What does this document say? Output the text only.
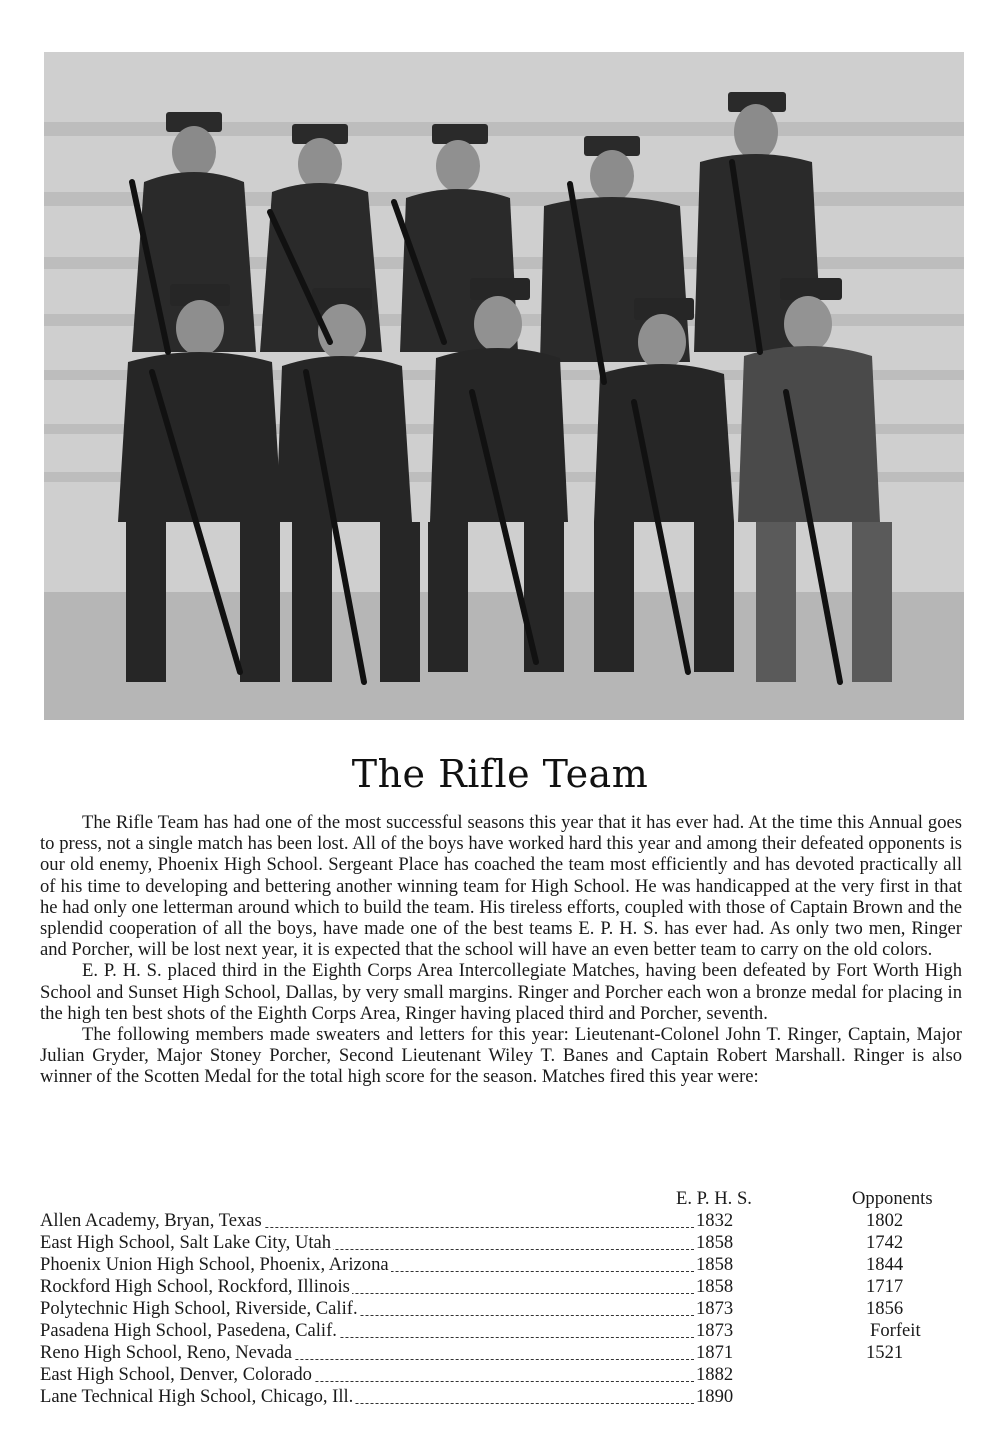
The Rifle Team

The Rifle Team has had one of the most successful seasons this year that it has ever had. At the time this Annual goes to press, not a single match has been lost. All of the boys have worked hard this year and among their defeated opponents is our old enemy, Phoenix High School. Sergeant Place has coached the team most efficiently and has devoted practically all of his time to developing and bettering another winning team for High School. He was handicapped at the very first in that he had only one letterman around which to build the team. His tireless efforts, coupled with those of Captain Brown and the splendid cooperation of all the boys, have made one of the best teams E. P. H. S. has ever had. As only two men, Ringer and Porcher, will be lost next year, it is expected that the school will have an even better team to carry on the old colors.

E. P. H. S. placed third in the Eighth Corps Area Intercollegiate Matches, having been defeated by Fort Worth High School and Sunset High School, Dallas, by very small margins. Ringer and Porcher each won a bronze medal for placing in the high ten best shots of the Eighth Corps Area, Ringer having placed third and Porcher, seventh.

The following members made sweaters and letters for this year: Lieutenant-Colonel John T. Ringer, Captain, Major Julian Gryder, Major Stoney Porcher, Second Lieutenant Wiley T. Banes and Captain Robert Marshall. Ringer is also winner of the Scotten Medal for the total high score for the season. Matches fired this year were:

E. P. H. S.	Opponents
Allen Academy, Bryan, Texas	1832	1802
East High School, Salt Lake City, Utah	1858	1742
Phoenix Union High School, Phoenix, Arizona	1858	1844
Rockford High School, Rockford, Illinois	1858	1717
Polytechnic High School, Riverside, Calif.	1873	1856
Pasadena High School, Pasedena, Calif.	1873	Forfeit
Reno High School, Reno, Nevada	1871	1521
East High School, Denver, Colorado	1882
Lane Technical High School, Chicago, Ill.	1890
